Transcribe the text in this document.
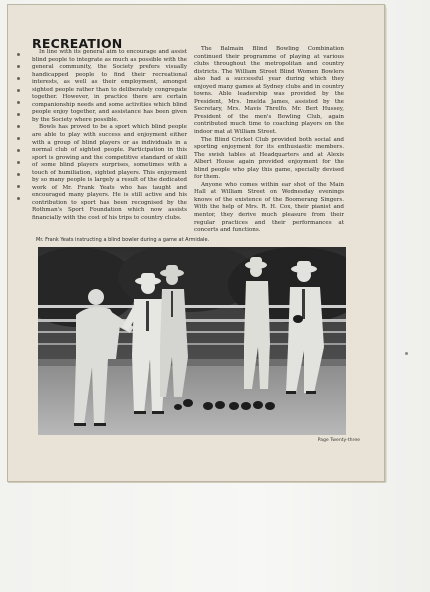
RECREATION

In line with its general aim to encourage and assist blind people to integrate as much as possible with the general community, the Society prefers visually handicapped people to find their recreational interests, as well as their employment, amongst sighted people rather than to deliberately congregate together. However, in practice there are certain companionship needs and some activities which blind people enjoy together, and assistance has been given by the Society where possible.

Bowls has proved to be a sport which blind people are able to play with success and enjoyment either with a group of blind players or as individuals in a normal club of sighted people. Participation in this sport is growing and the competitive standard of skill of some blind players surprises, sometimes with a touch of humiliation, sighted players. This enjoyment by so many people is largely a result of the dedicated work of Mr. Frank Yeats who has taught and encouraged many players. He is still active and his contribution to sport has been recognised by the Rothman's Sport Foundation which now assists financially with the cost of his trips to country clubs.

The Balmain Blind Bowling Combination continued their programme of playing at various clubs throughout the metropolitan and country districts. The William Street Blind Women Bowlers also had a successful year during which they enjoyed many games at Sydney clubs and in country towns. Able leadership was provided by the President, Mrs. Imelda James, assisted by the Secretary, Mrs. Mavis Threlfo. Mr. Bert Hussey, President of the men's Bowling Club, again contributed much time to coaching players on the indoor mat at William Street.

The Blind Cricket Club provided both social and sporting enjoyment for its enthusiastic members. The swish tables at Headquarters and at Alexis Albert House again provided enjoyment for the blind people who play this game, specially devised for them.

Anyone who comes within ear shot of the Main Hall at William Street on Wednesday evenings knows of the existence of the Boomerang Singers. With the help of Mrs. R. H. Cox, their pianist and mentor, they derive much pleasure from their regular practices and their performances at concerts and functions.

Mr. Frank Yeats instructing a blind bowler during a game at Armidale.
Page Twenty-three
